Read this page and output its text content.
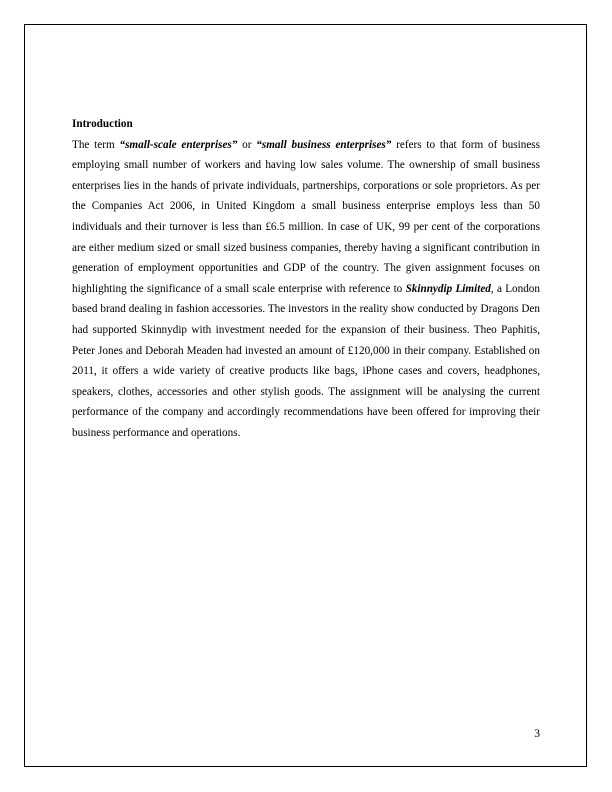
Introduction

The term “small-scale enterprises” or “small business enterprises” refers to that form of business employing small number of workers and having low sales volume. The ownership of small business enterprises lies in the hands of private individuals, partnerships, corporations or sole proprietors. As per the Companies Act 2006, in United Kingdom a small business enterprise employs less than 50 individuals and their turnover is less than £6.5 million. In case of UK, 99 per cent of the corporations are either medium sized or small sized business companies, thereby having a significant contribution in generation of employment opportunities and GDP of the country. The given assignment focuses on highlighting the significance of a small scale enterprise with reference to Skinnydip Limited, a London based brand dealing in fashion accessories. The investors in the reality show conducted by Dragons Den had supported Skinnydip with investment needed for the expansion of their business. Theo Paphitis, Peter Jones and Deborah Meaden had invested an amount of £120,000 in their company. Established on 2011, it offers a wide variety of creative products like bags, iPhone cases and covers, headphones, speakers, clothes, accessories and other stylish goods. The assignment will be analysing the current performance of the company and accordingly recommendations have been offered for improving their business performance and operations.

3
